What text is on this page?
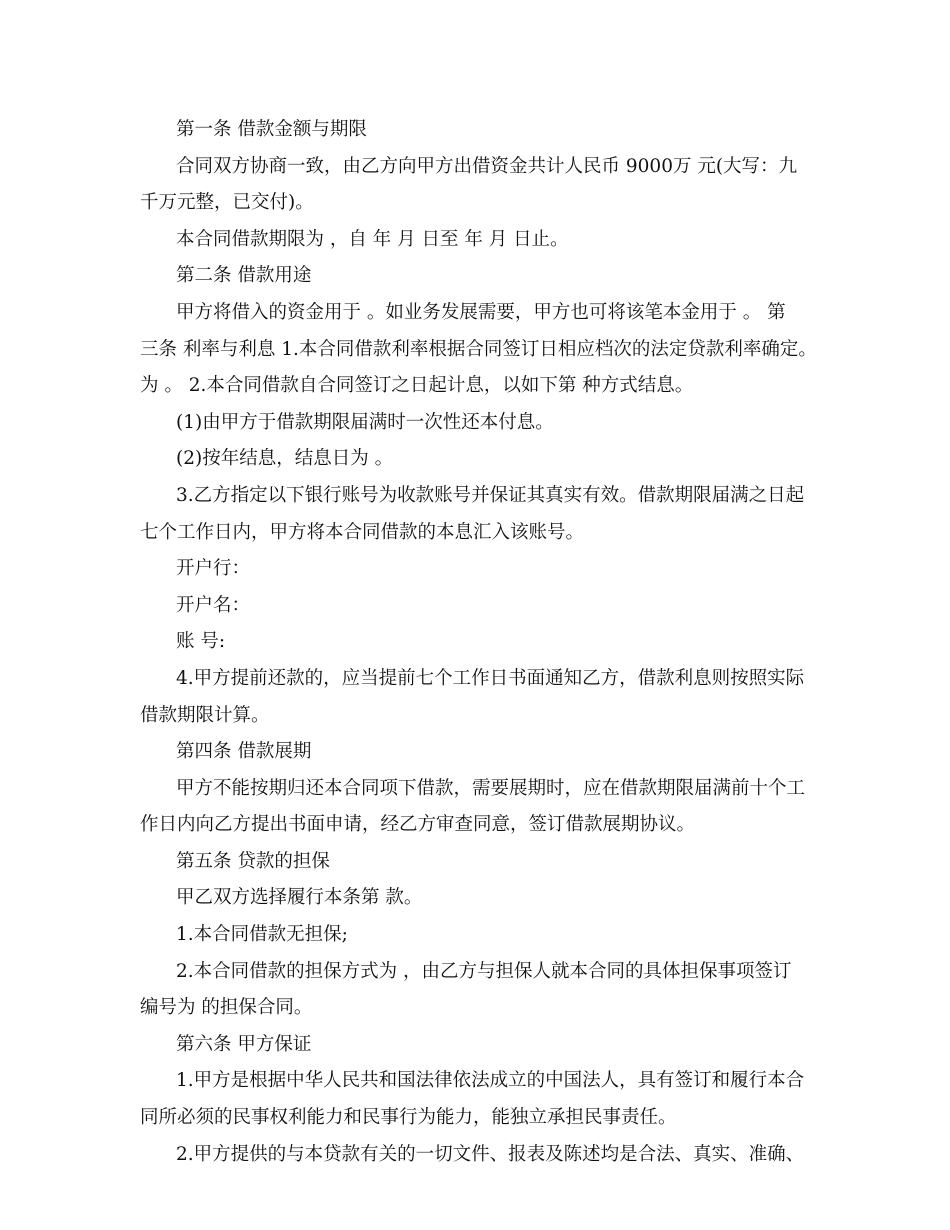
第一条 借款金额与期限
合同双方协商一致，由乙方向甲方出借资金共计人民币 9000万 元(大写：九
千万元整，已交付)。
本合同借款期限为 ，自 年 月 日至 年 月 日止。
第二条 借款用途
甲方将借入的资金用于 。如业务发展需要，甲方也可将该笔本金用于 。 第
三条 利率与利息 1.本合同借款利率根据合同签订日相应档次的法定贷款利率确定。
为 。 2.本合同借款自合同签订之日起计息，以如下第 种方式结息。
(1)由甲方于借款期限届满时一次性还本付息。
(2)按年结息，结息日为 。
3.乙方指定以下银行账号为收款账号并保证其真实有效。借款期限届满之日起
七个工作日内，甲方将本合同借款的本息汇入该账号。
开户行：
开户名：
账 号:
4.甲方提前还款的，应当提前七个工作日书面通知乙方，借款利息则按照实际
借款期限计算。
第四条 借款展期
甲方不能按期归还本合同项下借款，需要展期时，应在借款期限届满前十个工
作日内向乙方提出书面申请，经乙方审查同意，签订借款展期协议。
第五条 贷款的担保
甲乙双方选择履行本条第 款。
1.本合同借款无担保;
2.本合同借款的担保方式为 ，由乙方与担保人就本合同的具体担保事项签订
编号为 的担保合同。
第六条 甲方保证
1.甲方是根据中华人民共和国法律依法成立的中国法人，具有签订和履行本合
同所必须的民事权利能力和民事行为能力，能独立承担民事责任。
2.甲方提供的与本贷款有关的一切文件、报表及陈述均是合法、真实、准确、
